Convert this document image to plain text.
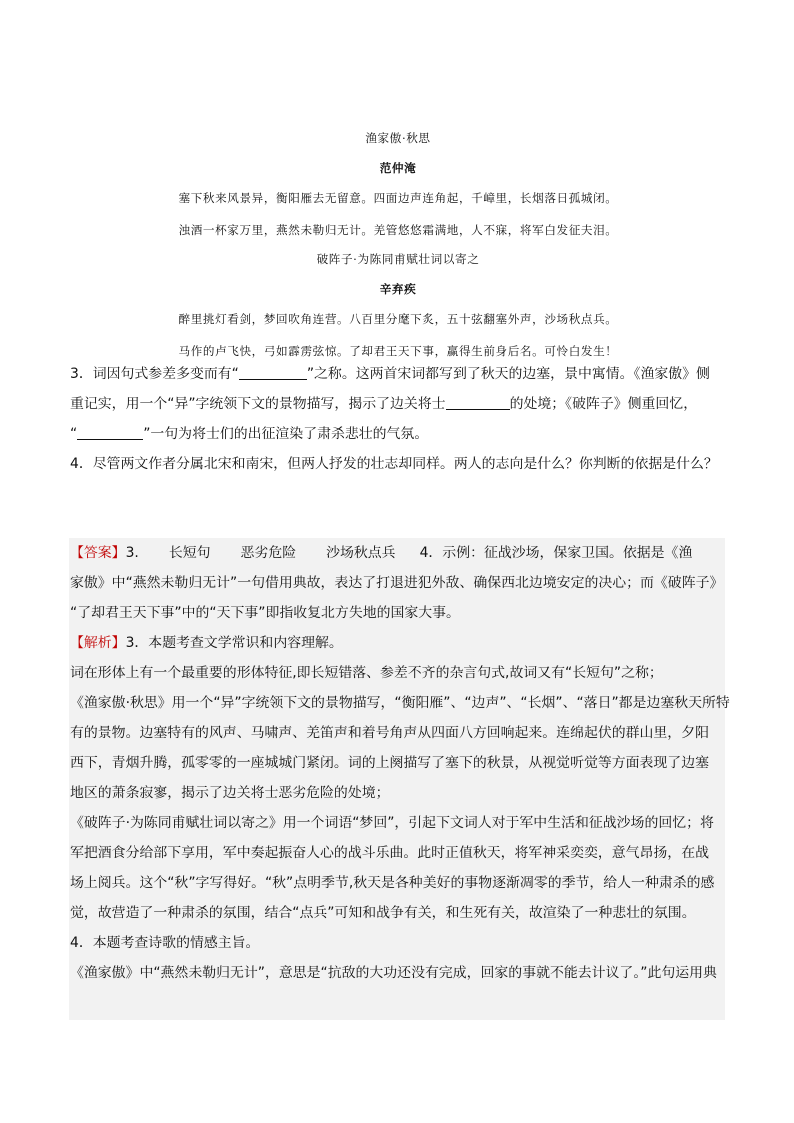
渔家傲·秋思
范仲淹
塞下秋来风景异，衡阳雁去无留意。四面边声连角起，千嶂里，长烟落日孤城闭。
浊酒一杯家万里，燕然未勒归无计。羌管悠悠霜满地，人不寐，将军白发征夫泪。
破阵子·为陈同甫赋壮词以寄之
辛弃疾
醉里挑灯看剑，梦回吹角连营。八百里分麾下炙，五十弦翻塞外声，沙场秋点兵。
马作的卢飞快，弓如霹雳弦惊。了却君王天下事，赢得生前身后名。可怜白发生！
3．词因句式参差多变而有“	”之称。这两首宋词都写到了秋天的边塞，景中寓情。《渔家傲》侧
重记实，用一个“异”字统领下文的景物描写，揭示了边关将士	的处境；《破阵子》侧重回忆，
“	”一句为将士们的出征渲染了肃杀悲壮的气氛。
4．尽管两文作者分属北宋和南宋，但两人抒发的壮志却同样。两人的志向是什么？你判断的依据是什么？
【答案】3. 长短句 恶劣危险 沙场秋点兵 4．示例：征战沙场，保家卫国。依据是《渔
家傲》中“燕然未勒归无计”一句借用典故，表达了打退进犯外敌、确保西北边境安定的决心；而《破阵子》
“了却君王天下事”中的“天下事”即指收复北方失地的国家大事。
【解析】3．本题考查文学常识和内容理解。
词在形体上有一个最重要的形体特征,即长短错落、参差不齐的杂言句式,故词又有“长短句”之称；
《渔家傲·秋思》用一个“异”字统领下文的景物描写，“衡阳雁”、“边声”、“长烟”、“落日”都是边塞秋天所特
有的景物。边塞特有的风声、马啸声、羌笛声和着号角声从四面八方回响起来。连绵起伏的群山里，夕阳
西下，青烟升腾，孤零零的一座城城门紧闭。词的上阕描写了塞下的秋景，从视觉听觉等方面表现了边塞
地区的萧条寂寥，揭示了边关将士恶劣危险的处境；
《破阵子·为陈同甫赋壮词以寄之》用一个词语“梦回”，引起下文词人对于军中生活和征战沙场的回忆；将
军把酒食分给部下享用，军中奏起振奋人心的战斗乐曲。此时正值秋天，将军神采奕奕，意气昂扬，在战
场上阅兵。这个“秋”字写得好。“秋”点明季节,秋天是各种美好的事物逐渐凋零的季节，给人一种肃杀的感
觉，故营造了一种肃杀的氛围，结合“点兵”可知和战争有关，和生死有关，故渲染了一种悲壮的氛围。
4．本题考查诗歌的情感主旨。
《渔家傲》中“燕然未勒归无计”，意思是“抗敌的大功还没有完成，回家的事就不能去计议了。”此句运用典
